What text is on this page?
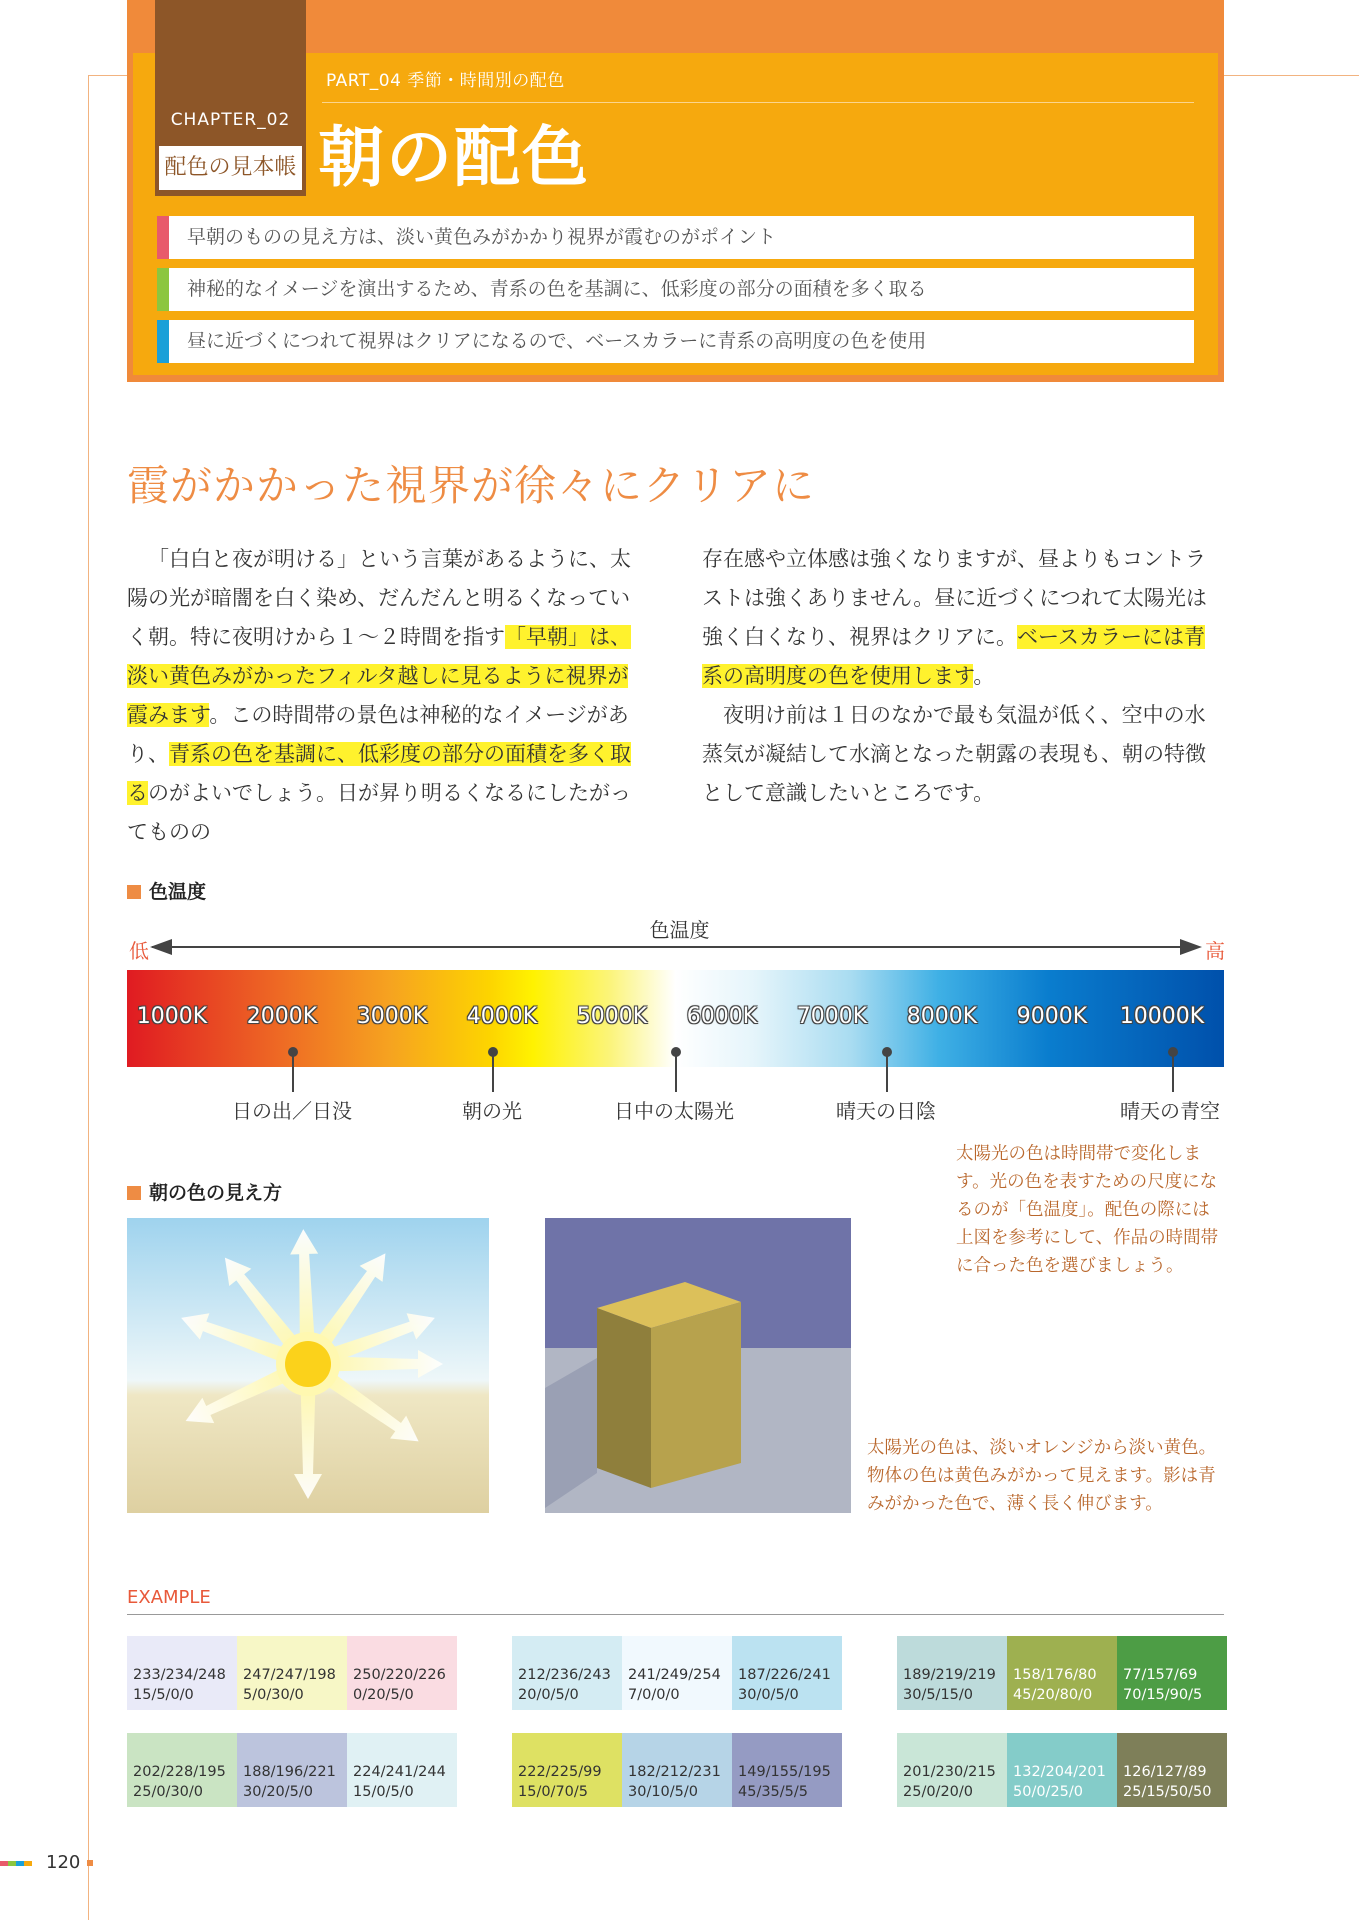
CHAPTER_02
配色の見本帳
PART_04 季節・時間別の配色
朝の配色
早朝のものの見え方は、淡い黄色みがかかり視界が霞むのがポイント
神秘的なイメージを演出するため、青系の色を基調に、低彩度の部分の面積を多く取る
昼に近づくにつれて視界はクリアになるので、ベースカラーに青系の高明度の色を使用
霞がかかった視界が徐々にクリアに
「白白と夜が明ける」という言葉があるように、太陽の光が暗闇を白く染め、だんだんと明るくなっていく朝。特に夜明けから１～２時間を指す「早朝」は、淡い黄色みがかったフィルタ越しに見るように視界が霞みます。この時間帯の景色は神秘的なイメージがあり、青系の色を基調に、低彩度の部分の面積を多く取るのがよいでしょう。日が昇り明るくなるにしたがってものの
存在感や立体感は強くなりますが、昼よりもコントラストは強くありません。昼に近づくにつれて太陽光は強く白くなり、視界はクリアに。ベースカラーには青系の高明度の色を使用します。
夜明け前は１日のなかで最も気温が低く、空中の水蒸気が凝結して水滴となった朝露の表現も、朝の特徴として意識したいところです。
色温度
色温度
低	高
1000K	2000K	3000K	4000K	5000K	6000K	7000K	8000K	9000K	10000K
日の出／日没	朝の光	日中の太陽光	晴天の日陰	晴天の青空
太陽光の色は時間帯で変化します。光の色を表すための尺度になるのが「色温度」。配色の際には上図を参考にして、作品の時間帯に合った色を選びましょう。
朝の色の見え方
太陽光の色は、淡いオレンジから淡い黄色。物体の色は黄色みがかって見えます。影は青みがかった色で、薄く長く伸びます。
EXAMPLE
233/234/248
15/5/0/0
247/247/198
5/0/30/0
250/220/226
0/20/5/0
202/228/195
25/0/30/0
188/196/221
30/20/5/0
224/241/244
15/0/5/0
212/236/243
20/0/5/0
241/249/254
7/0/0/0
187/226/241
30/0/5/0
222/225/99
15/0/70/5
182/212/231
30/10/5/0
149/155/195
45/35/5/5
189/219/219
30/5/15/0
158/176/80
45/20/80/0
77/157/69
70/15/90/5
201/230/215
25/0/20/0
132/204/201
50/0/25/0
126/127/89
25/15/50/50
120
